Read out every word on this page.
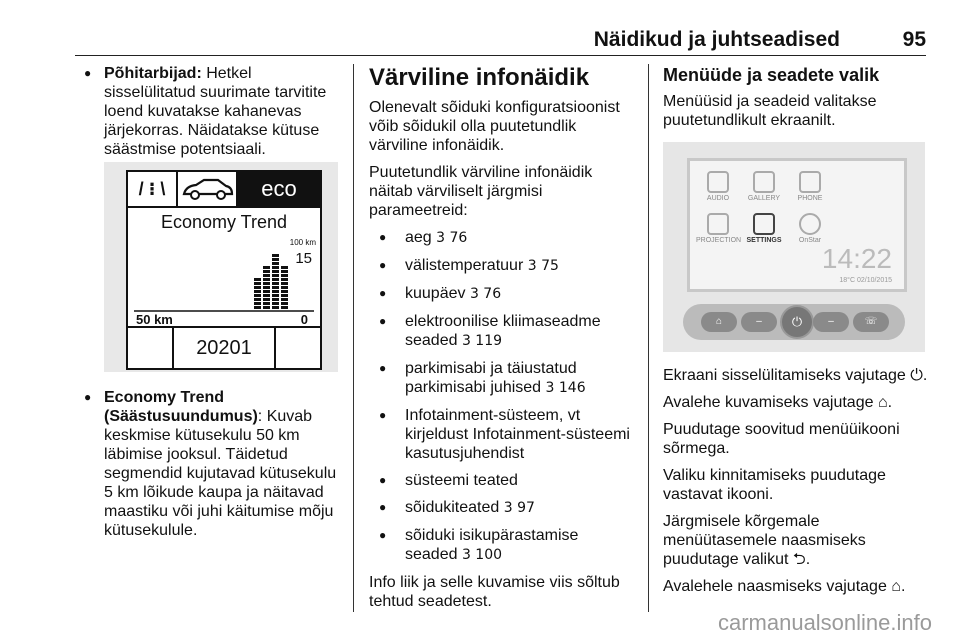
Näidikud ja juhtseadised	95
● Põhitarbijad: Hetkel sisselülitatud suurimate tarvitite loend kuvatakse kahanevas järjekorras. Näidatakse kütuse säästmise potentsiaali.
/ ⁝ \	eco
Economy Trend
100 km
15
50 km	0
20201
● Economy Trend (Säästusuundumus): Kuvab keskmise kütusekulu 50 km läbimise jooksul. Täidetud segmendid kujutavad kütusekulu 5 km lõikude kaupa ja näitavad maastiku või juhi käitumise mõju kütusekulule.
Värviline infonäidik

Olenevalt sõiduki konfiguratsioonist võib sõidukil olla puutetundlik värviline infonäidik.

Puutetundlik värviline infonäidik näitab värviliselt järgmisi parameetreid:

● aeg 3 76
● välistemperatuur 3 75
● kuupäev 3 76
● elektroonilise kliimaseadme seaded 3 119
● parkimisabi ja täiustatud parkimisabi juhised 3 146
● Infotainment-süsteem, vt kirjeldust Infotainment-süsteemi kasutusjuhendist
● süsteemi teated
● sõidukiteated 3 97
● sõiduki isikupärastamise seaded 3 100

Info liik ja selle kuvamise viis sõltub tehtud seadetest.

Menüüde ja seadete valik

Menüüsid ja seadeid valitakse puutetundlikult ekraanilt.

AUDIO	GALLERY	PHONE
PROJECTION SETTINGS	OnStar
14:22
18°C 02/10/2015
⌂	–	⏻	–	☏

Ekraani sisselülitamiseks vajutage ⏻.

Avalehe kuvamiseks vajutage ⌂.

Puudutage soovitud menüüikooni sõrmega.

Valiku kinnitamiseks puudutage vastavat ikooni.

Järgmisele kõrgemale menüütasemele naasmiseks puudutage valikut ⮌.

Avalehele naasmiseks vajutage ⌂.

carmanualsonline.info
